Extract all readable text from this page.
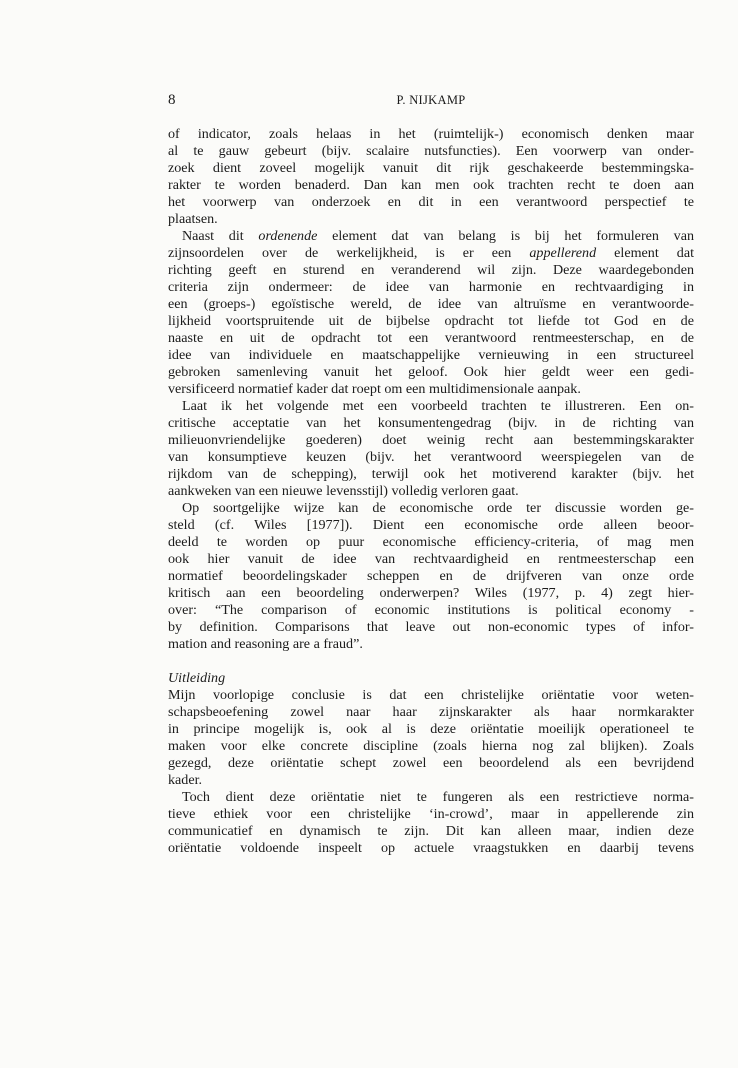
8	P. NIJKAMP
of indicator, zoals helaas in het (ruimtelijk-) economisch denken maar
al te gauw gebeurt (bijv. scalaire nutsfuncties). Een voorwerp van onder-
zoek dient zoveel mogelijk vanuit dit rijk geschakeerde bestemmingska-
rakter te worden benaderd. Dan kan men ook trachten recht te doen aan
het voorwerp van onderzoek en dit in een verantwoord perspectief te
plaatsen.
Naast dit ordenende element dat van belang is bij het formuleren van
zijnsoordelen over de werkelijkheid, is er een appellerend element dat
richting geeft en sturend en veranderend wil zijn. Deze waardegebonden
criteria zijn ondermeer: de idee van harmonie en rechtvaardiging in
een (groeps-) egoïstische wereld, de idee van altruïsme en verantwoorde-
lijkheid voortspruitende uit de bijbelse opdracht tot liefde tot God en de
naaste en uit de opdracht tot een verantwoord rentmeesterschap, en de
idee van individuele en maatschappelijke vernieuwing in een structureel
gebroken samenleving vanuit het geloof. Ook hier geldt weer een gedi-
versificeerd normatief kader dat roept om een multidimensionale aanpak.
Laat ik het volgende met een voorbeeld trachten te illustreren. Een on-
critische acceptatie van het konsumentengedrag (bijv. in de richting van
milieuonvriendelijke goederen) doet weinig recht aan bestemmingskarakter
van konsumptieve keuzen (bijv. het verantwoord weerspiegelen van de
rijkdom van de schepping), terwijl ook het motiverend karakter (bijv. het
aankweken van een nieuwe levensstijl) volledig verloren gaat.
Op soortgelijke wijze kan de economische orde ter discussie worden ge-
steld (cf. Wiles [1977]). Dient een economische orde alleen beoor-
deeld te worden op puur economische efficiency-criteria, of mag men
ook hier vanuit de idee van rechtvaardigheid en rentmeesterschap een
normatief beoordelingskader scheppen en de drijfveren van onze orde
kritisch aan een beoordeling onderwerpen? Wiles (1977, p. 4) zegt hier-
over: “The comparison of economic institutions is political economy -
by definition. Comparisons that leave out non-economic types of infor-
mation and reasoning are a fraud”.
Uitleiding
Mijn voorlopige conclusie is dat een christelijke oriëntatie voor weten-
schapsbeoefening zowel naar haar zijnskarakter als haar normkarakter
in principe mogelijk is, ook al is deze oriëntatie moeilijk operationeel te
maken voor elke concrete discipline (zoals hierna nog zal blijken). Zoals
gezegd, deze oriëntatie schept zowel een beoordelend als een bevrijdend
kader.
Toch dient deze oriëntatie niet te fungeren als een restrictieve norma-
tieve ethiek voor een christelijke ‘in-crowd’, maar in appellerende zin
communicatief en dynamisch te zijn. Dit kan alleen maar, indien deze
oriëntatie voldoende inspeelt op actuele vraagstukken en daarbij tevens
